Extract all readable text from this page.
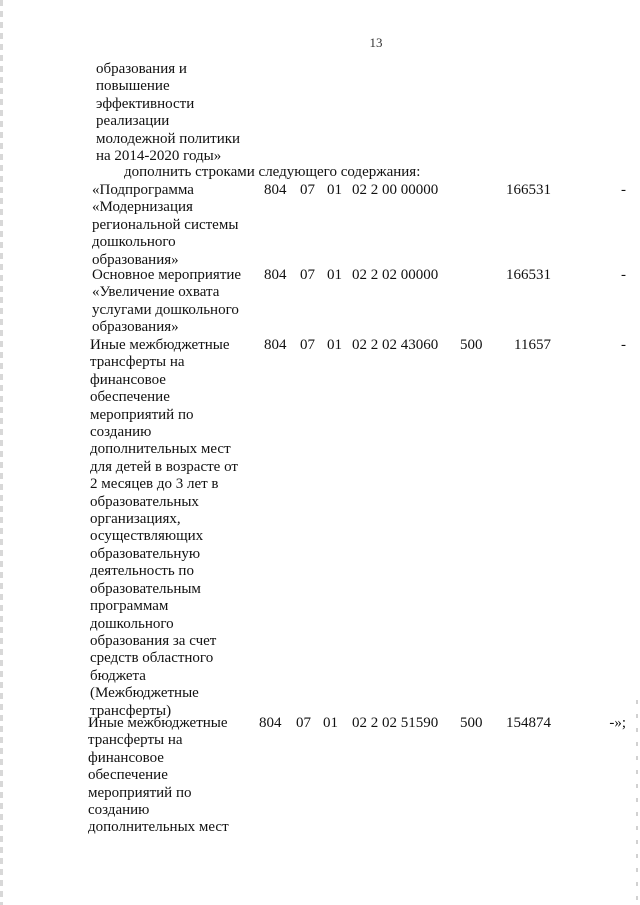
13
образования и
повышение
эффективности
реализации
молодежной политики
на 2014-2020 годы»
дополнить строками следующего содержания:
«Подпрограмма
«Модернизация
региональной системы
дошкольного
образования»
804 07 01 02 2 00 00000	166531	-
Основное мероприятие
«Увеличение охвата
услугами дошкольного
образования»
804 07 01 02 2 02 00000	166531	-
Иные межбюджетные
трансферты на
финансовое
обеспечение
мероприятий по
созданию
дополнительных мест
для детей в возрасте от
2 месяцев до 3 лет в
образовательных
организациях,
осуществляющих
образовательную
деятельность по
образовательным
программам
дошкольного
образования за счет
средств областного
бюджета
(Межбюджетные
трансферты)
804 07 01 02 2 02 43060 500 11657	-
Иные межбюджетные
трансферты на
финансовое
обеспечение
мероприятий по
созданию
дополнительных мест
804 07 01 02 2 02 51590 500 154874	-»;
